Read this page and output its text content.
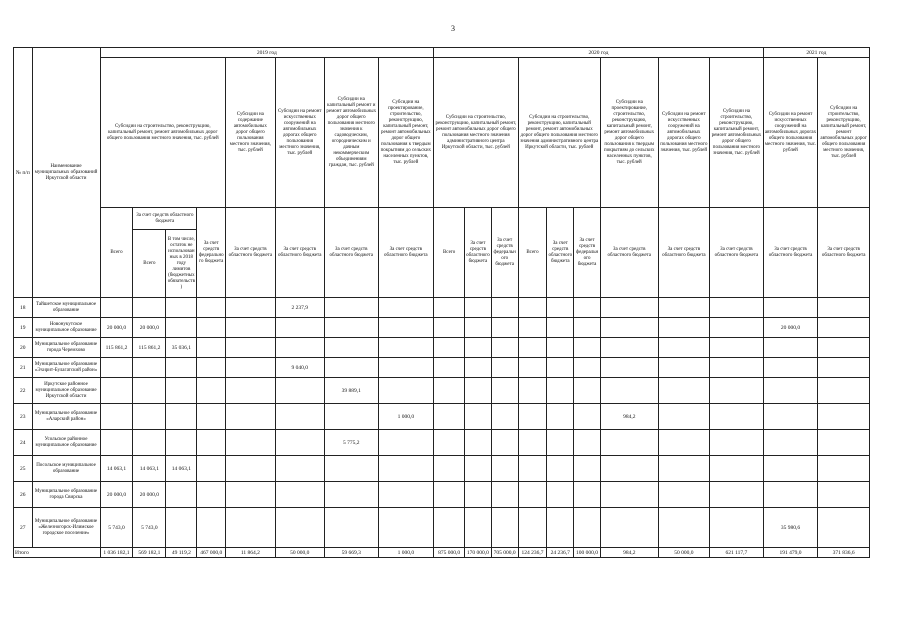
3
№ п/п	Наименование муниципальных образований Иркутской области	2019 год								2020 год									2021 год	
		Субсидии на строительство, реконструкцию, капитальный ремонт, ремонт автомобильных дорог общего пользования местного значения, тыс. рублей				Субсидии на содержание автомобильных дорог общего пользования местного значения, тыс. рублей	Субсидии на ремонт искусственных сооружений на автомобильных дорогах общего пользования местного значения, тыс. рублей	Субсидии на капитальный ремонт и ремонт автомобильных дорог общего пользования местного значения к садоводческим, огородническим и дачным некоммерческим объединениям граждан, тыс. рублей	Субсидии на проектирование, строительство, реконструкцию, капитальный ремонт, ремонт автомобильных дорог общего пользования к твердым покрытиям до сельских населенных пунктов, тыс. рублей	Субсидии на строительство, реконструкцию, капитальный ремонт, ремонт автомобильных дорог общего пользования местного значения административного центра Иркутской области, тыс. рублей			Субсидии на строительство, реконструкцию, капитальный ремонт, ремонт автомобильных дорог общего пользования местного значения административного центра Иркутской области, тыс. рублей			Субсидии на проектирование, строительство, реконструкцию, капитальный ремонт, ремонт автомобильных дорог общего пользования к твердым покрытиям до сельских населенных пунктов, тыс. рублей	Субсидии на ремонт искусственных сооружений на автомобильных дорогах общего пользования местного значения, тыс. рублей	Субсидии на строительство, реконструкцию, капитальный ремонт, ремонт автомобильных дорог общего пользования местного значения, тыс. рублей	Субсидии на ремонт искусственных сооружений на автомобильных дорогах общего пользования местного значения, тыс. рублей	Субсидии на строительство, реконструкцию, капитальный ремонт, ремонт автомобильных дорог общего пользования местного значения, тыс. рублей
		Всего	За счет средств областного бюджета		За счет средств федерального бюджета	За счет средств областного бюджета	За счет средств областного бюджета	За счет средств областного бюджета	За счет средств областного бюджета	Всего	За счет средств областного бюджета	За счет средств федерального бюджета	Всего	За счет средств областного бюджета	За счет средств федерального бюджета	За счет средств областного бюджета	За счет средств областного бюджета	За счет средств областного бюджета	За счет средств областного бюджета	За счет средств областного бюджета
			Всего	В том числе, остаток не использованных в 2018 году лимитов (бюджетных обязательств)																
18	Тайшетское муниципальное образование						2 237,9													
19	Новонукутское муниципальное образование	20 000,0	20 000,0																20 000,0	
20	Муниципальное образование города Черемхово	115 861,2	115 861,2	35 036,1																
21	Муниципальное образование «Эхирит-Булагатский район»						9 040,0													
22	Иркутское районное муниципальное образование Иркутской области							39 889,1												
23	Муниципальное образование «Аларский район»								1 000,0							984,2				
24	Усольское районное муниципальное образование							5 775,2												
25	Посольское муниципальное образование	14 063,1	14 063,1	14 063,1																
26	Муниципальное образование города Свирска	20 000,0	20 000,0																	
27	Муниципальное образование «Железногорск-Илимское городское поселение»	5 743,0	5 743,0																35 980,6	
Итого		1 036 182,1	569 182,1	49 119,2	467 000,0	11 864,2	50 000,0	59 669,3	1 000,0	875 000,0	170 000,0	705 000,0	124 236,7	24 236,7	100 000,0	984,2	50 000,0	621 117,7	191 479,0	371 836,6
